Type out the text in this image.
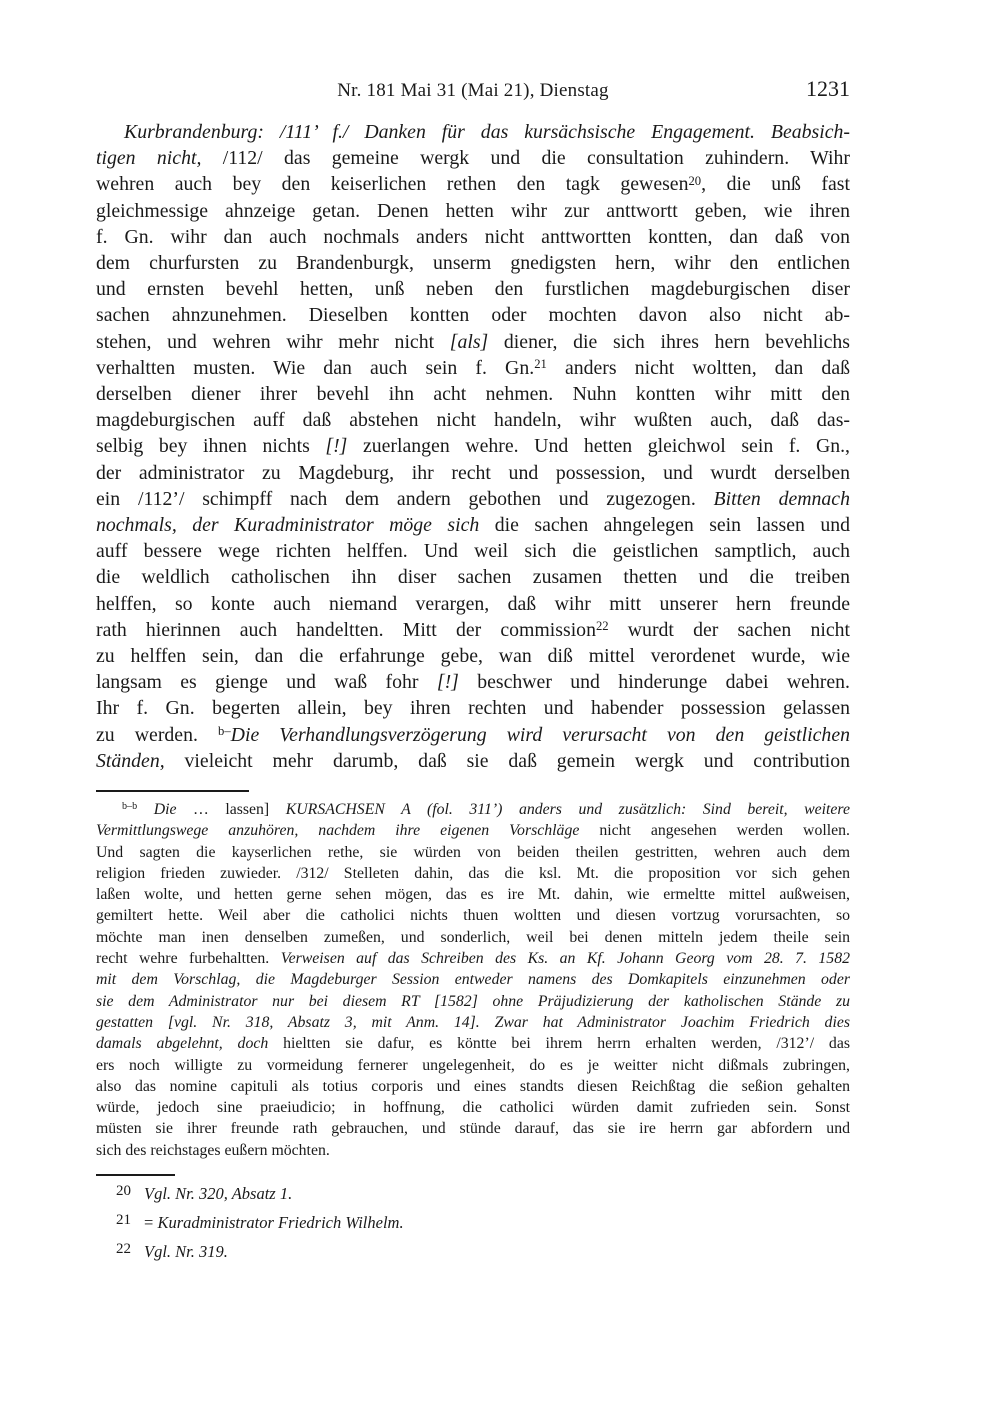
Nr. 181 Mai 31 (Mai 21), Dienstag	1231
Kurbrandenburg: /111’ f./ Danken für das kursächsische Engagement. Beabsich-
tigen nicht, /112/ das gemeine wergk und die consultation zuhindern. Wihr
wehren auch bey den keiserlichen rethen den tagk gewesen$^{20}$, die unß fast
gleichmessige ahnzeige getan. Denen hetten wihr zur anttwortt geben, wie ihren
f. Gn. wihr dan auch nochmals anders nicht anttwortten kontten, dan daß von
dem churfursten zu Brandenburgk, unserm gnedigsten hern, wihr den entlichen
und ernsten bevehl hetten, unß neben den furstlichen magdeburgischen diser
sachen ahnzunehmen. Dieselben kontten oder mochten davon also nicht ab-
stehen, und wehren wihr mehr nicht [als] diener, die sich ihres hern bevehlichs
verhaltten musten. Wie dan auch sein f. Gn.$^{21}$ anders nicht woltten, dan daß
derselben diener ihrer bevehl ihn acht nehmen. Nuhn kontten wihr mitt den
magdeburgischen auff daß abstehen nicht handeln, wihr wußten auch, daß das-
selbig bey ihnen nichts [!] zuerlangen wehre. Und hetten gleichwol sein f. Gn.,
der administrator zu Magdeburg, ihr recht und possession, und wurdt derselben
ein /112’/ schimpff nach dem andern gebothen und zugezogen. Bitten demnach
nochmals, der Kuradministrator möge sich die sachen ahngelegen sein lassen und
auff bessere wege richten helffen. Und weil sich die geistlichen samptlich, auch
die weldlich catholischen ihn diser sachen zusamen thetten und die treiben
helffen, so konte auch niemand verargen, daß wihr mitt unserer hern freunde
rath hierinnen auch handeltten. Mitt der commission$^{22}$ wurdt der sachen nicht
zu helffen sein, dan die erfahrunge gebe, wan diß mittel verordenet wurde, wie
langsam es gienge und waß fohr [!] beschwer und hinderunge dabei wehren.
Ihr f. Gn. begerten allein, bey ihren rechten und habender possession gelassen
zu werden. $^{b-}$Die Verhandlungsverzögerung wird verursacht von den geistlichen
Ständen, vieleicht mehr darumb, daß sie daß gemein wergk und contribution
$^{b-b}$ Die … lassen] KURSACHSEN A (fol. 311’) anders und zusätzlich: Sind bereit, weitere
Vermittlungswege anzuhören, nachdem ihre eigenen Vorschläge nicht angesehen werden wollen.
Und sagten die kayserlichen rethe, sie würden von beiden theilen gestritten, wehren auch dem
religion frieden zuwieder. /312/ Stelleten dahin, das die ksl. Mt. die proposition vor sich gehen
laßen wolte, und hetten gerne sehen mögen, das es ire Mt. dahin, wie ermeltte mittel außweisen,
gemiltert hette. Weil aber die catholici nichts thuen woltten und diesen vortzug vorursachten, so
möchte man inen denselben zumeßen, und sonderlich, weil bei denen mitteln jedem theile sein
recht wehre furbehaltten. Verweisen auf das Schreiben des Ks. an Kf. Johann Georg vom 28. 7. 1582
mit dem Vorschlag, die Magdeburger Session entweder namens des Domkapitels einzunehmen oder
sie dem Administrator nur bei diesem RT [1582] ohne Präjudizierung der katholischen Stände zu
gestatten [vgl. Nr. 318, Absatz 3, mit Anm. 14]. Zwar hat Administrator Joachim Friedrich dies
damals abgelehnt, doch hieltten sie dafur, es köntte bei ihrem herrn erhalten werden, /312’/ das
ers noch willigte zu vormeidung fernerer ungelegenheit, do es je weitter nicht dißmals zubringen,
also das nomine capituli als totius corporis und eines standts diesen Reichßtag die seßion gehalten
würde, jedoch sine praeiudicio; in hoffnung, die catholici würden damit zufrieden sein. Sonst
müsten sie ihrer freunde rath gebrauchen, und stünde darauf, das sie ire herrn gar abfordern und
sich des reichstages eußern möchten.
20 Vgl. Nr. 320, Absatz 1.
21 = Kuradministrator Friedrich Wilhelm.
22 Vgl. Nr. 319.
